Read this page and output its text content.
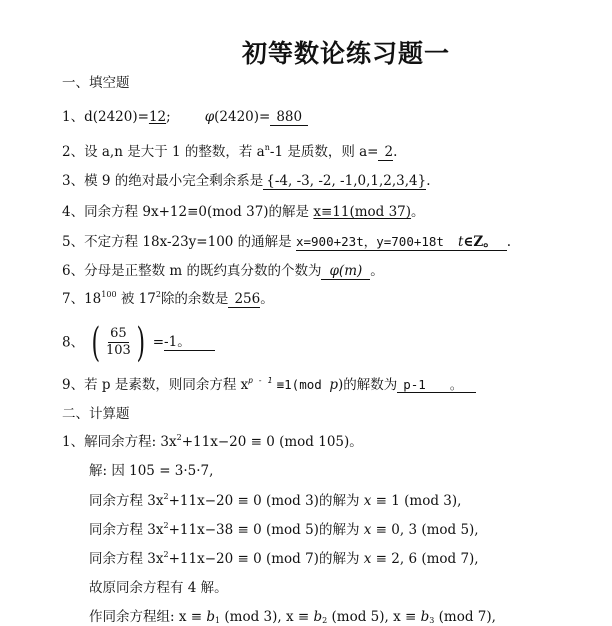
初等数论练习题一
一、填空题
1、d(2420)=12;	φ(2420)= 880
2、设 a,n 是大于 1 的整数，若 $a^n-1$ 是质数，则 a= 2.
3、模 9 的绝对最小完全剩余系是 {-4, -3, -2, -1,0,1,2,3,4}.
4、同余方程 9x+12≡0(mod 37)的解是 x≡11(mod 37)。
5、不定方程 18x-23y=100 的通解是 x=900+23t，y=700+18t t∈Z。 .
6、分母是正整数 m 的既约真分数的个数为 φ(m) 。
7、$18^{100}$ 被 $17^2$除的余数是 256。
8、 ( $\frac{65}{103}$ ) =-1。
9、若 p 是素数，则同余方程 $x^{p - 1} \equiv 1(mod$ p)的解数为 p-1 。
二、计算题
1、解同余方程: $3x^2+11x-20 \equiv 0$ (mod 105)。
解: 因 105 = 3·5·7,
同余方程 $3x^2+11x-20 \equiv 0$ (mod 3)的解为 x ≡ 1 (mod 3),
同余方程 $3x^2+11x-38 \equiv 0$ (mod 5)的解为 x ≡ 0, 3 (mod 5),
同余方程 $3x^2+11x-20 \equiv 0$ (mod 7)的解为 x ≡ 2, 6 (mod 7),
故原同余方程有 4 解。
作同余方程组: $x \equiv b_1$ (mod 3), $x \equiv b_2$ (mod 5), $x \equiv b_3$ (mod 7),
